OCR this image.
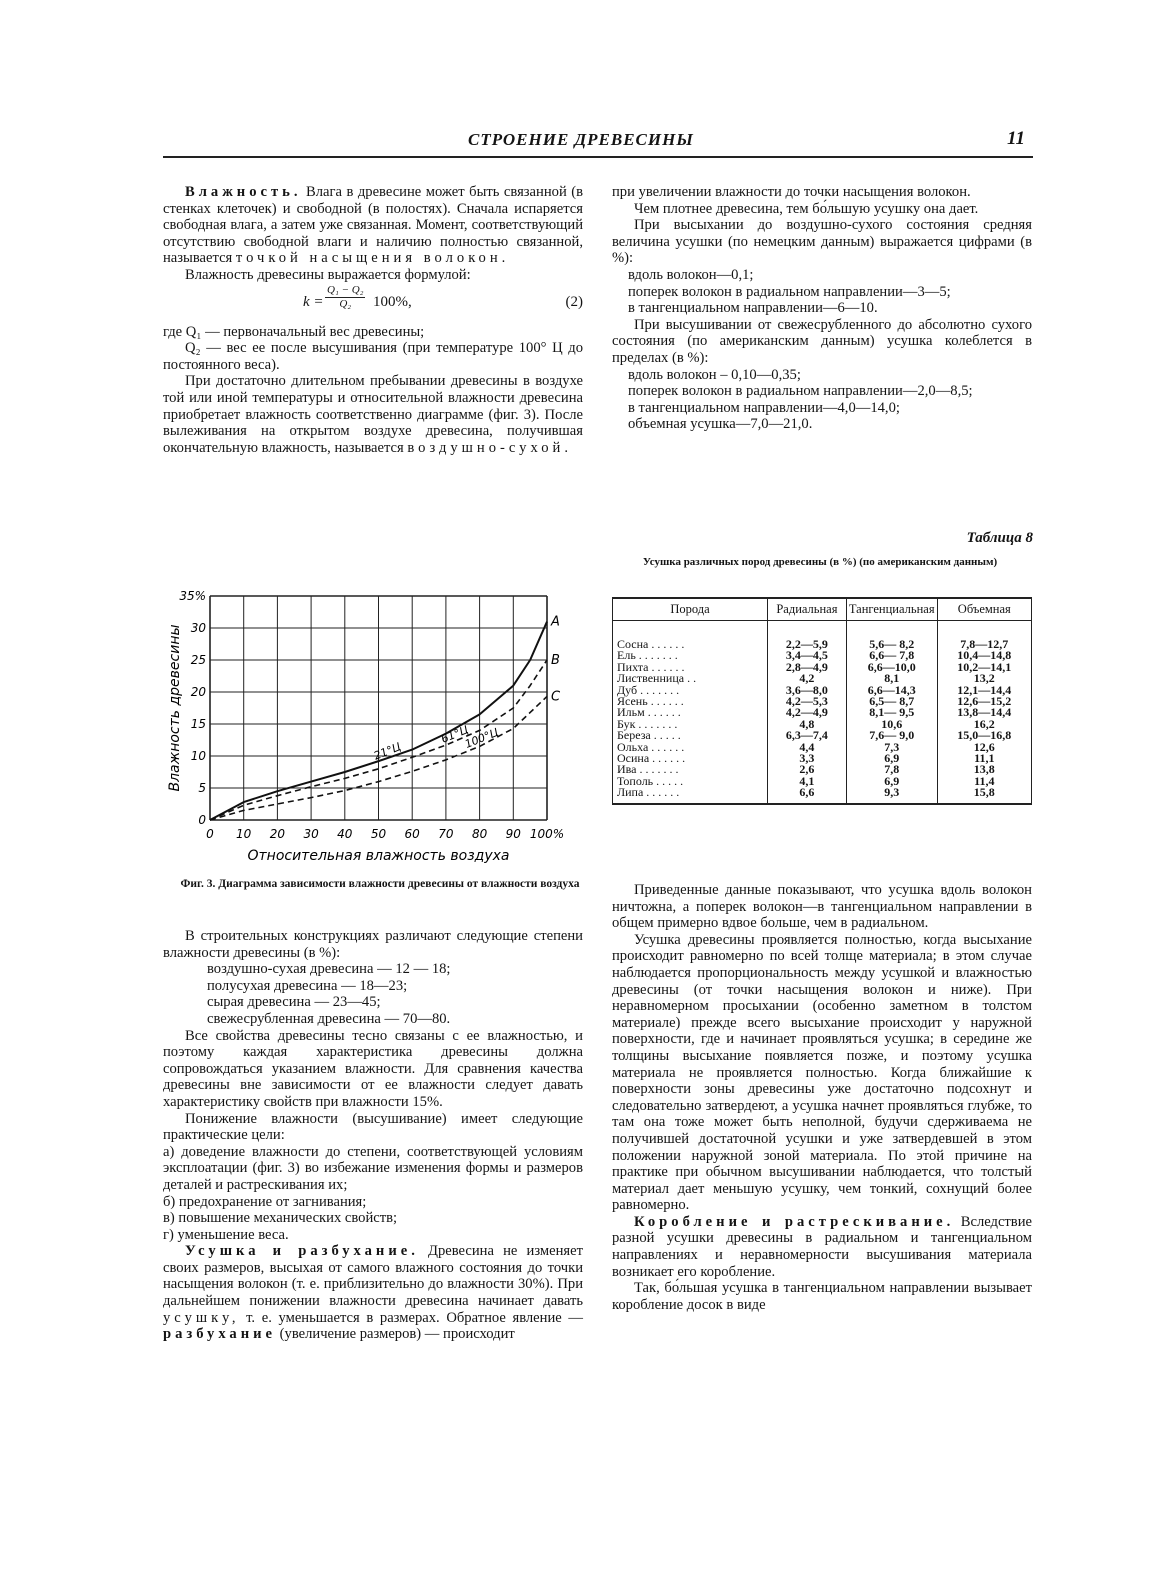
СТРОЕНИЕ ДРЕВЕСИНЫ	11

Влажность. Влага в древесине может быть связанной (в стенках клеточек) и свободной (в полостях). Сначала испаряется свободная влага, а затем уже связанная. Момент, соответствующий отсутствию свободной влаги и наличию полностью связанной, называется точкой насыщения волокон.

Влажность древесины выражается формулой:

$k = \frac{\text{Q₁ − Q₂}}{\text{Q₂}} 100\%$,	(2)

где Q₁ — первоначальный вес древесины;

Q₂ — вес ее после высушивания (при температуре 100° Ц до постоянного веса).

При достаточно длительном пребывании древесины в воздухе той или иной температуры и относительной влажности древесина приобретает влажность соответственно диаграмме (фиг. 3). После вылеживания на открытом воздухе древесина, получившая окончательную влажность, называется воздушно-сухой.

0 10 20 30 40 50 60 70 80 90 100%
0
5
10
15
20
25
30
35%
Относительная влажность воздуха
Влажность древесины
A
21°Ц
B
61°Ц
C
100°Ц
Фиг. 3. Диаграмма зависимости влажности древесины от влажности воздуха

В строительных конструкциях различают следующие степени влажности древесины (в %):

воздушно-сухая древесина — 12 — 18;

полусухая древесина — 18—23;

сырая древесина — 23—45;

свежесрубленная древесина — 70—80.

Все свойства древесины тесно связаны с ее влажностью, и поэтому каждая характеристика древесины должна сопровождаться указанием влажности. Для сравнения качества древесины вне зависимости от ее влажности следует давать характеристику свойств при влажности 15%.

Понижение влажности (высушивание) имеет следующие практические цели:

а) доведение влажности до степени, соответствующей условиям эксплоатации (фиг. 3) во избежание изменения формы и размеров деталей и растрескивания их;

б) предохранение от загнивания;

в) повышение механических свойств;

г) уменьшение веса.

Усушка и разбухание. Древесина не изменяет своих размеров, высыхая от самого влажного состояния до точки насыщения волокон (т. е. приблизительно до влажности 30%). При дальнейшем понижении влажности древесина начинает давать усушку, т. е. уменьшается в размерах. Обратное явление — разбухание (увеличение размеров) — происходит

при увеличении влажности до точки насыщения волокон.

Чем плотнее древесина, тем бо́льшую усушку она дает.

При высыхании до воздушно-сухого состояния средняя величина усушки (по немецким данным) выражается цифрами (в %):

вдоль волокон—0,1;

поперек волокон в радиальном направлении—3—5;

в тангенциальном направлении—6—10.

При высушивании от свежесрубленного до абсолютно сухого состояния (по американским данным) усушка колеблется в пределах (в %):

вдоль волокон – 0,10—0,35;

поперек волокон в радиальном направлении—2,0—8,5;

в тангенциальном направлении—4,0—14,0;

объемная усушка—7,0—21,0.

Таблица 8
Усушка различных пород древесины (в %) (по американским данным)
Порода	Радиальная	Тангенциальная	Объемная
Сосна . . . . . .	2,2—5,9	5,6— 8,2	7,8—12,7
Ель . . . . . . .	3,4—4,5	6,6— 7,8	10,4—14,8
Пихта . . . . . .	2,8—4,9	6,6—10,0	10,2—14,1
Лиственница . .	4,2	8,1	13,2
Дуб . . . . . . .	3,6—8,0	6,6—14,3	12,1—14,4
Ясень . . . . . .	4,2—5,3	6,5— 8,7	12,6—15,2
Ильм . . . . . .	4,2—4,9	8,1— 9,5	13,8—14,4
Бук . . . . . . .	4,8	10,6	16,2
Береза . . . . .	6,3—7,4	7,6— 9,0	15,0—16,8
Ольха . . . . . .	4,4	7,3	12,6
Осина . . . . . .	3,3	6,9	11,1
Ива . . . . . . .	2,6	7,8	13,8
Тополь . . . . .	4,1	6,9	11,4
Липа . . . . . .	6,6	9,3	15,8

Приведенные данные показывают, что усушка вдоль волокон ничтожна, а поперек волокон—в тангенциальном направлении в общем примерно вдвое больше, чем в радиальном.

Усушка древесины проявляется полностью, когда высыхание происходит равномерно по всей толще материала; в этом случае наблюдается пропорциональность между усушкой и влажностью древесины (от точки насыщения волокон и ниже). При неравномерном просыхании (особенно заметном в толстом материале) прежде всего высыхание происходит у наружной поверхности, где и начинает проявляться усушка; в середине же толщины высыхание появляется позже, и поэтому усушка материала не проявляется полностью. Когда ближайшие к поверхности зоны древесины уже достаточно подсохнут и следовательно затвердеют, а усушка начнет проявляться глубже, то там она тоже может быть неполной, будучи сдерживаема не получившей достаточной усушки и уже затвердевшей в этом положении наружной зоной материала. По этой причине на практике при обычном высушивании наблюдается, что толстый материал дает меньшую усушку, чем тонкий, сохнущий более равномерно.

Коробление и растрескивание. Вследствие разной усушки древесины в радиальном и тангенциальном направлениях и неравномерности высушивания материала возникает его коробление.

Так, бо́льшая усушка в тангенциальном направлении вызывает коробление досок в виде
